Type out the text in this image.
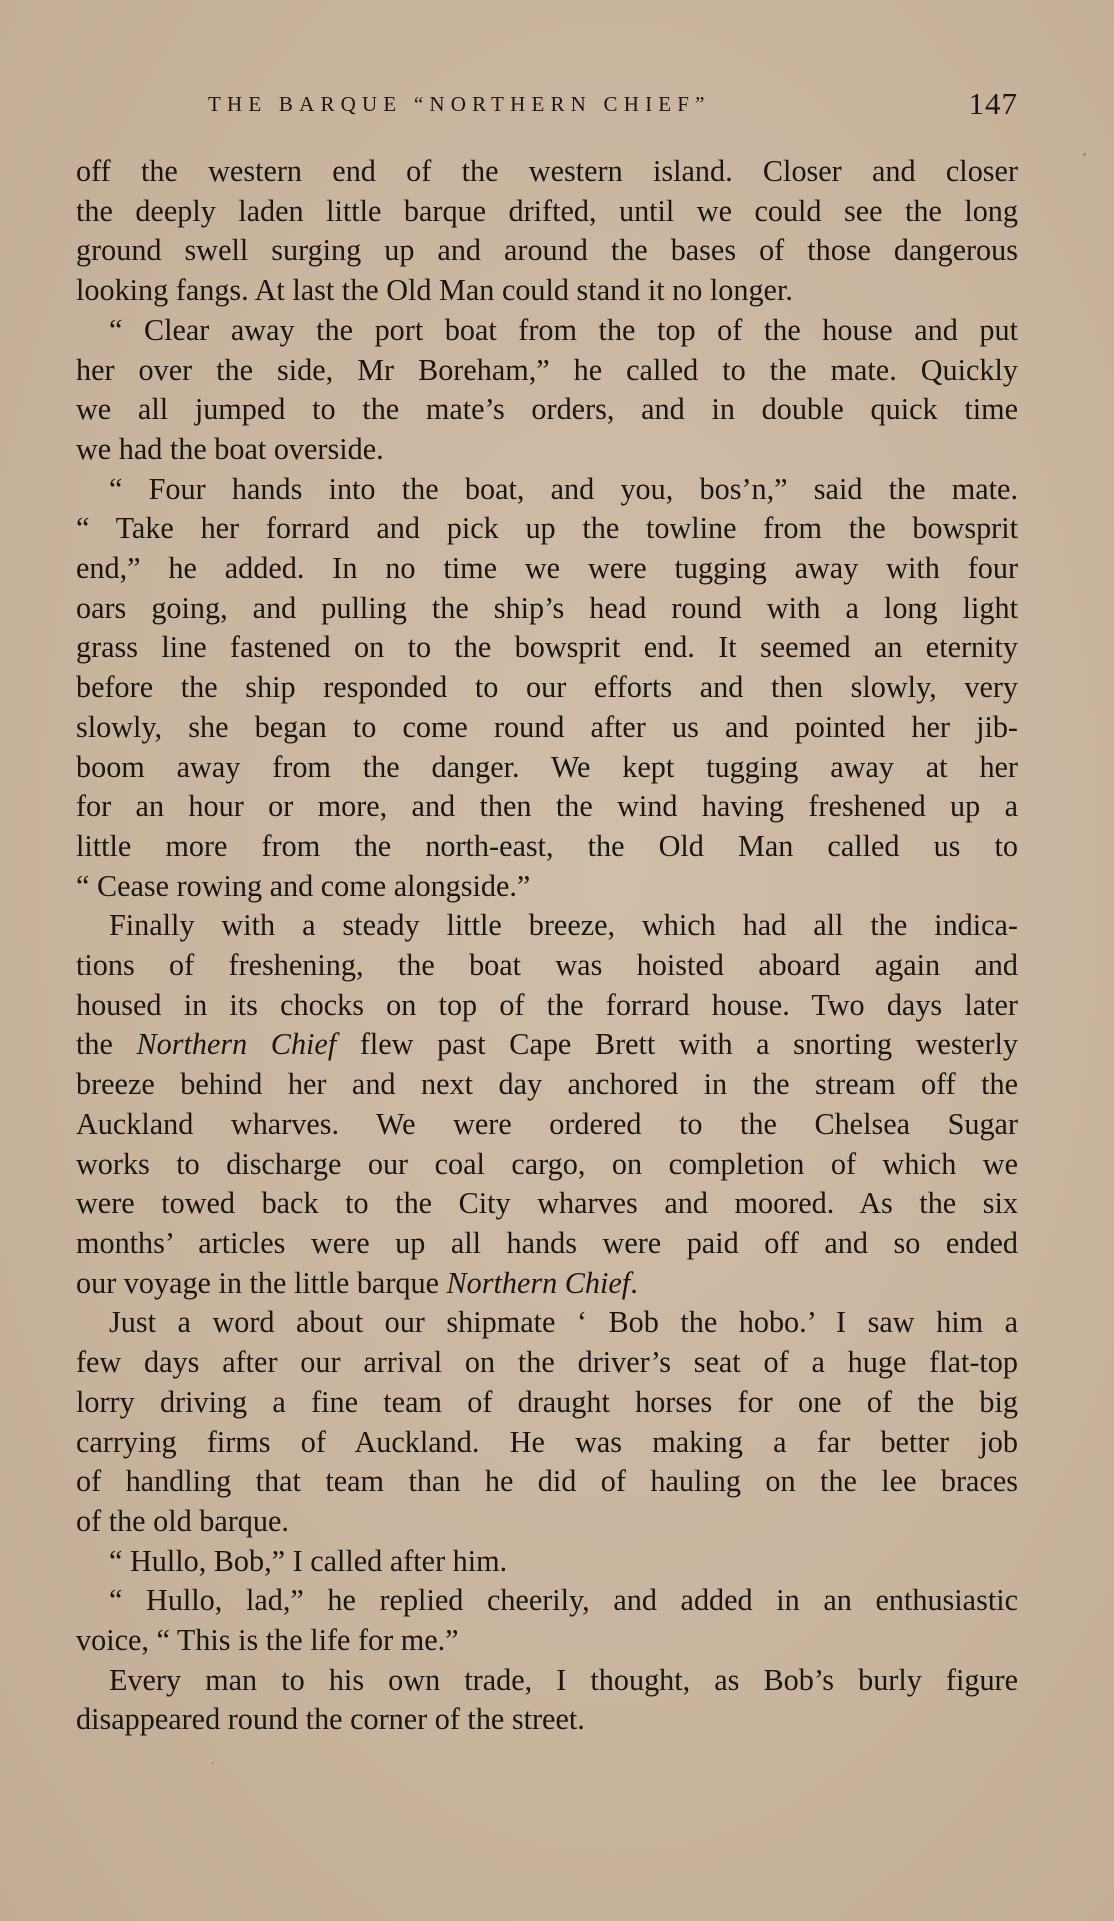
THE BARQUE “NORTHERN CHIEF”	147

off the western end of the western island. Closer and closer
the deeply laden little barque drifted, until we could see the long
ground swell surging up and around the bases of those dangerous
looking fangs. At last the Old Man could stand it no longer.

“ Clear away the port boat from the top of the house and put
her over the side, Mr Boreham,” he called to the mate. Quickly
we all jumped to the mate’s orders, and in double quick time
we had the boat overside.

“ Four hands into the boat, and you, bos’n,” said the mate.
“ Take her forrard and pick up the towline from the bowsprit
end,” he added. In no time we were tugging away with four
oars going, and pulling the ship’s head round with a long light
grass line fastened on to the bowsprit end. It seemed an eternity
before the ship responded to our efforts and then slowly, very
slowly, she began to come round after us and pointed her jib-
boom away from the danger. We kept tugging away at her
for an hour or more, and then the wind having freshened up a
little more from the north-east, the Old Man called us to
“ Cease rowing and come alongside.”

Finally with a steady little breeze, which had all the indica-
tions of freshening, the boat was hoisted aboard again and
housed in its chocks on top of the forrard house. Two days later
the Northern Chief flew past Cape Brett with a snorting westerly
breeze behind her and next day anchored in the stream off the
Auckland wharves. We were ordered to the Chelsea Sugar
works to discharge our coal cargo, on completion of which we
were towed back to the City wharves and moored. As the six
months’ articles were up all hands were paid off and so ended
our voyage in the little barque Northern Chief.

Just a word about our shipmate ‘ Bob the hobo.’ I saw him a
few days after our arrival on the driver’s seat of a huge flat-top
lorry driving a fine team of draught horses for one of the big
carrying firms of Auckland. He was making a far better job
of handling that team than he did of hauling on the lee braces
of the old barque.

“ Hullo, Bob,” I called after him.

“ Hullo, lad,” he replied cheerily, and added in an enthusiastic
voice, “ This is the life for me.”

Every man to his own trade, I thought, as Bob’s burly figure
disappeared round the corner of the street.
